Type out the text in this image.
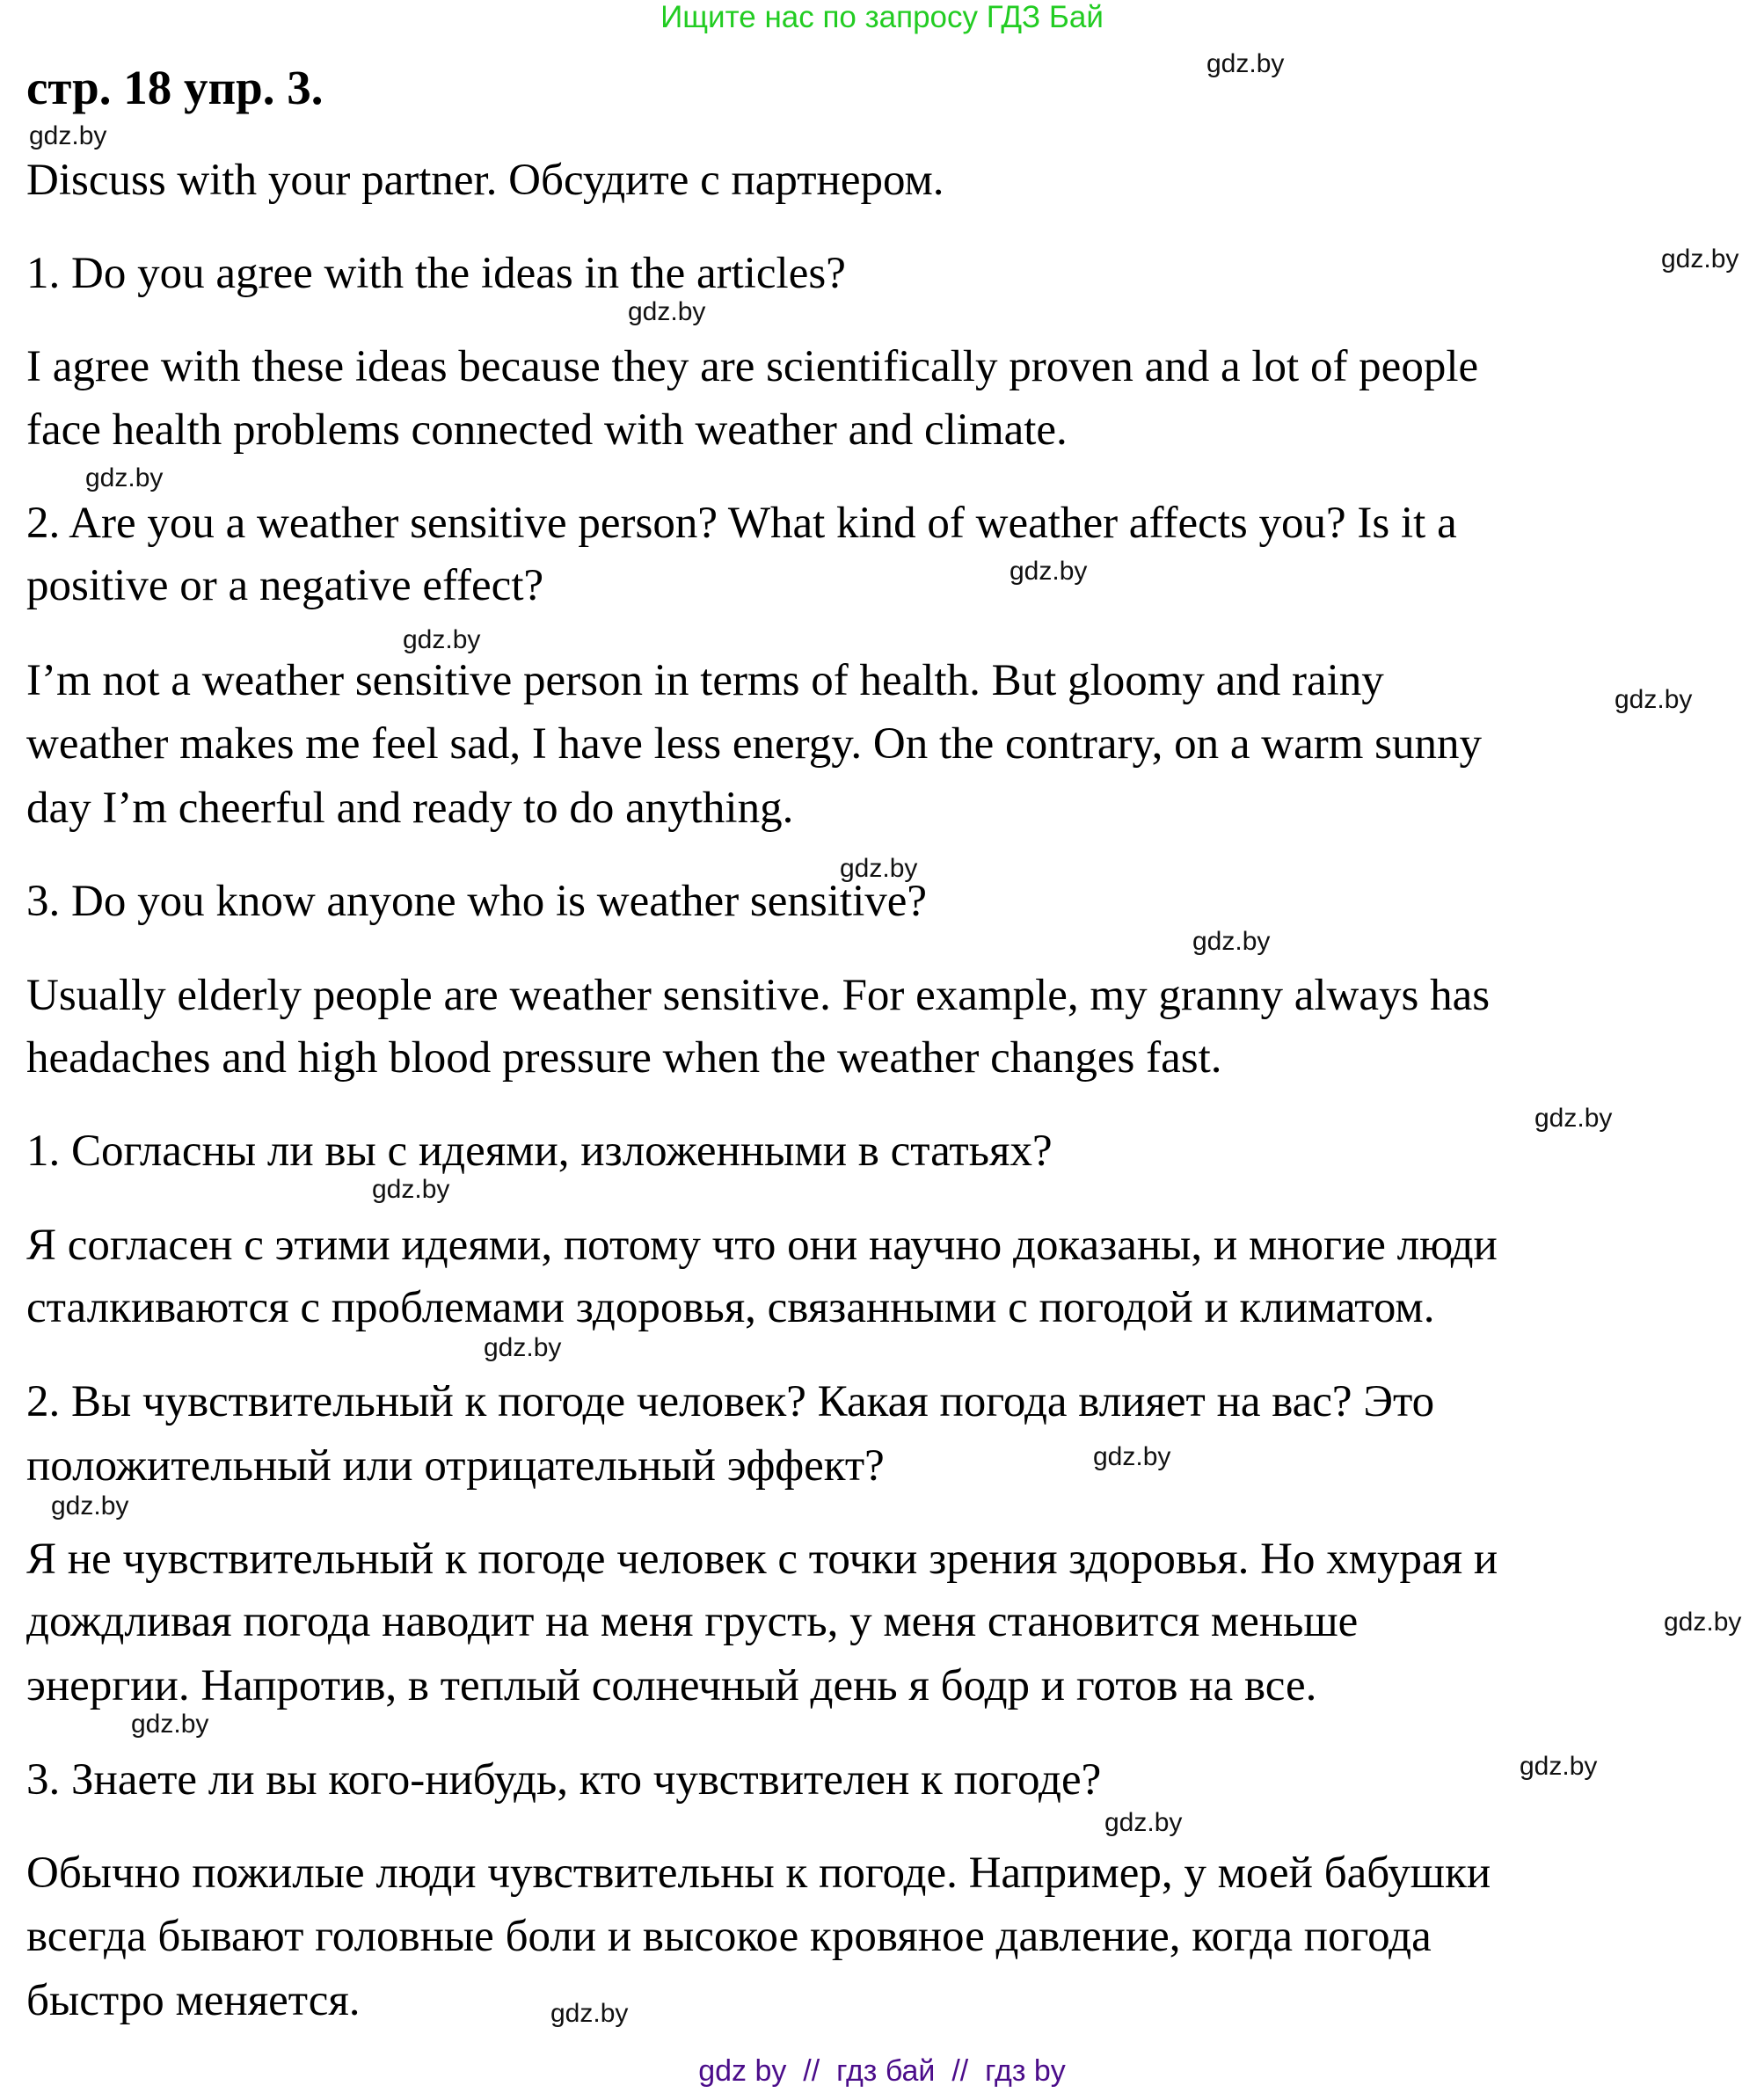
Ищите нас по запросу ГДЗ Бай
стр. 18 упр. 3.
Discuss with your partner. Обсудите с партнером.
1. Do you agree with the ideas in the articles?
I agree with these ideas because they are scientifically proven and a lot of people
face health problems connected with weather and climate.
2. Are you a weather sensitive person? What kind of weather affects you? Is it a
positive or a negative effect?
I’m not a weather sensitive person in terms of health. But gloomy and rainy
weather makes me feel sad, I have less energy. On the contrary, on a warm sunny
day I’m cheerful and ready to do anything.
3. Do you know anyone who is weather sensitive?
Usually elderly people are weather sensitive. For example, my granny always has
headaches and high blood pressure when the weather changes fast.
1. Согласны ли вы с идеями, изложенными в статьях?
Я согласен с этими идеями, потому что они научно доказаны, и многие люди
сталкиваются с проблемами здоровья, связанными с погодой и климатом.
2. Вы чувствительный к погоде человек? Какая погода влияет на вас? Это
положительный или отрицательный эффект?
Я не чувствительный к погоде человек с точки зрения здоровья. Но хмурая и
дождливая погода наводит на меня грусть, у меня становится меньше
энергии. Напротив, в теплый солнечный день я бодр и готов на все.
3. Знаете ли вы кого-нибудь, кто чувствителен к погоде?
Обычно пожилые люди чувствительны к погоде. Например, у моей бабушки
всегда бывают головные боли и высокое кровяное давление, когда погода
быстро меняется.
gdz.by
gdz.by
gdz.by
gdz.by
gdz.by
gdz.by
gdz.by
gdz.by
gdz.by
gdz.by
gdz.by
gdz.by
gdz.by
gdz.by
gdz.by
gdz.by
gdz.by
gdz.by
gdz.by
gdz.by
gdz by  //  гдз бай  //  гдз by
